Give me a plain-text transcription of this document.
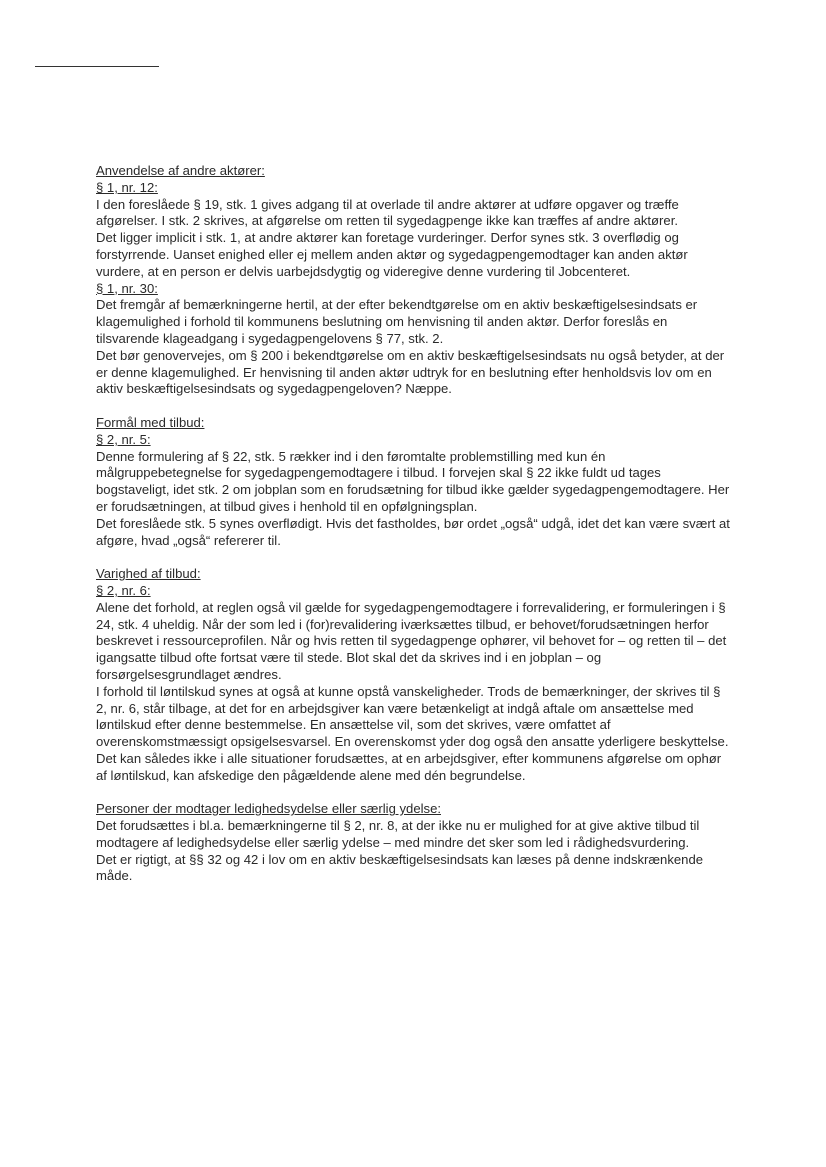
Anvendelse af andre aktører:
§ 1, nr. 12:

I den foreslåede § 19, stk. 1 gives adgang til at overlade til andre aktører at udføre opgaver og træffe afgørelser. I stk. 2 skrives, at afgørelse om retten til sygedagpenge ikke kan træffes af andre aktører.

Det ligger implicit i stk. 1, at andre aktører kan foretage vurderinger. Derfor synes stk. 3 overflødig og forstyrrende. Uanset enighed eller ej mellem anden aktør og sygedagpengemodtager kan anden aktør vurdere, at en person er delvis uarbejdsdygtig og videregive denne vurdering til Jobcenteret.

§ 1, nr. 30:

Det fremgår af bemærkningerne hertil, at der efter bekendtgørelse om en aktiv beskæftigelsesindsats er klagemulighed i forhold til kommunens beslutning om henvisning til anden aktør. Derfor foreslås en tilsvarende klageadgang i sygedagpengelovens § 77, stk. 2.

Det bør genovervejes, om § 200 i bekendtgørelse om en aktiv beskæftigelsesindsats nu også betyder, at der er denne klagemulighed. Er henvisning til anden aktør udtryk for en beslutning efter henholdsvis lov om en aktiv beskæftigelsesindsats og sygedagpengeloven? Næppe.

Formål med tilbud:
§ 2, nr. 5:

Denne formulering af § 22, stk. 5 rækker ind i den føromtalte problemstilling med kun én målgruppebetegnelse for sygedagpengemodtagere i tilbud. I forvejen skal § 22 ikke fuldt ud tages bogstaveligt, idet stk. 2 om jobplan som en forudsætning for tilbud ikke gælder sygedagpengemodtagere. Her er forudsætningen, at tilbud gives i henhold til en opfølgningsplan.

Det foreslåede stk. 5 synes overflødigt. Hvis det fastholdes, bør ordet „også“ udgå, idet det kan være svært at afgøre, hvad „også“ refererer til.

Varighed af tilbud:
§ 2, nr. 6:

Alene det forhold, at reglen også vil gælde for sygedagpengemodtagere i forrevalidering, er formuleringen i § 24, stk. 4 uheldig. Når der som led i (for)revalidering iværksættes tilbud, er behovet/forudsætningen herfor beskrevet i ressourceprofilen. Når og hvis retten til sygedagpenge ophører, vil behovet for – og retten til – det igangsatte tilbud ofte fortsat være til stede. Blot skal det da skrives ind i en jobplan – og forsørgelsesgrundlaget ændres.

I forhold til løntilskud synes at også at kunne opstå vanskeligheder. Trods de bemærkninger, der skrives til § 2, nr. 6, står tilbage, at det for en arbejdsgiver kan være betænkeligt at indgå aftale om ansættelse med løntilskud efter denne bestemmelse. En ansættelse vil, som det skrives, være omfattet af overenskomstmæssigt opsigelsesvarsel. En overenskomst yder dog også den ansatte yderligere beskyttelse. Det kan således ikke i alle situationer forudsættes, at en arbejdsgiver, efter kommunens afgørelse om ophør af løntilskud, kan afskedige den pågældende alene med dén begrundelse.

Personer der modtager ledighedsydelse eller særlig ydelse:

Det forudsættes i bl.a. bemærkningerne til § 2, nr. 8, at der ikke nu er mulighed for at give aktive tilbud til modtagere af ledighedsydelse eller særlig ydelse – med mindre det sker som led i rådighedsvurdering.

Det er rigtigt, at §§ 32 og 42 i lov om en aktiv beskæftigelsesindsats kan læses på denne indskrænkende måde.
